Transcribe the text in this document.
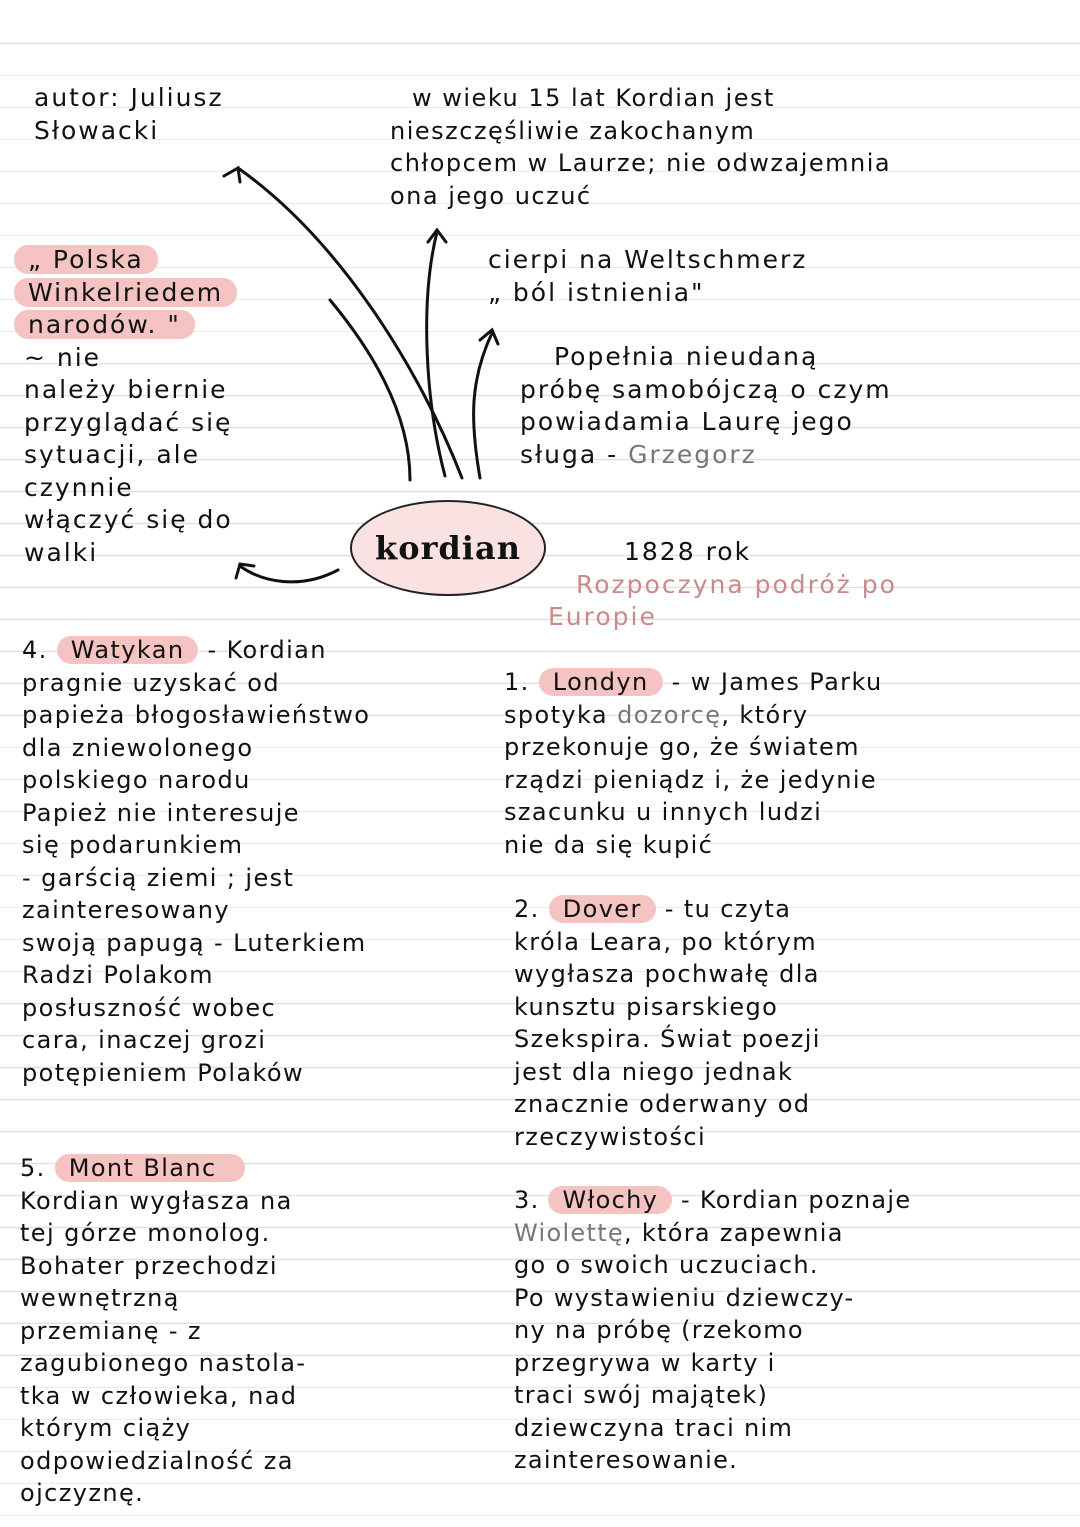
kordian
autor: Juliusz
Słowacki
w wieku 15 lat Kordian jest
nieszczęśliwie zakochanym
chłopcem w Laurze; nie odwzajemnia
ona jego uczuć
cierpi na Weltschmerz
„ ból istnienia"
Popełnia nieudaną
próbę samobójczą o czym
powiadamia Laurę jego
sługa - Grzegorz
„ Polska
Winkelriedem
narodów. "
~ nie
należy biernie
przyglądać się
sytuacji, ale
czynnie
włączyć się do
walki	1828 rok
Rozpoczyna podróż po
Europie
4. Watykan - Kordian
pragnie uzyskać od
papieża błogosławieństwo
dla zniewolonego
polskiego narodu
Papież nie interesuje
się podarunkiem
- garścią ziemi ; jest
zainteresowany
swoją papugą - Luterkiem
Radzi Polakom
posłuszność wobec
cara, inaczej grozi
potępieniem Polaków
1. Londyn - w James Parku
spotyka dozorcę, który
przekonuje go, że światem
rządzi pieniądz i, że jedynie
szacunku u innych ludzi
nie da się kupić
2. Dover - tu czyta
króla Leara, po którym
wygłasza pochwałę dla
kunsztu pisarskiego
Szekspira. Świat poezji
jest dla niego jednak
znacznie oderwany od
rzeczywistości
5. Mont Blanc
Kordian wygłasza na
tej górze monolog.
Bohater przechodzi
wewnętrzną
przemianę - z
zagubionego nastola-
tka w człowieka, nad
którym ciąży
odpowiedzialność za
ojczyznę.
3. Włochy - Kordian poznaje
Wiolettę, która zapewnia
go o swoich uczuciach.
Po wystawieniu dziewczy-
ny na próbę (rzekomo
przegrywa w karty i
traci swój majątek)
dziewczyna traci nim
zainteresowanie.
